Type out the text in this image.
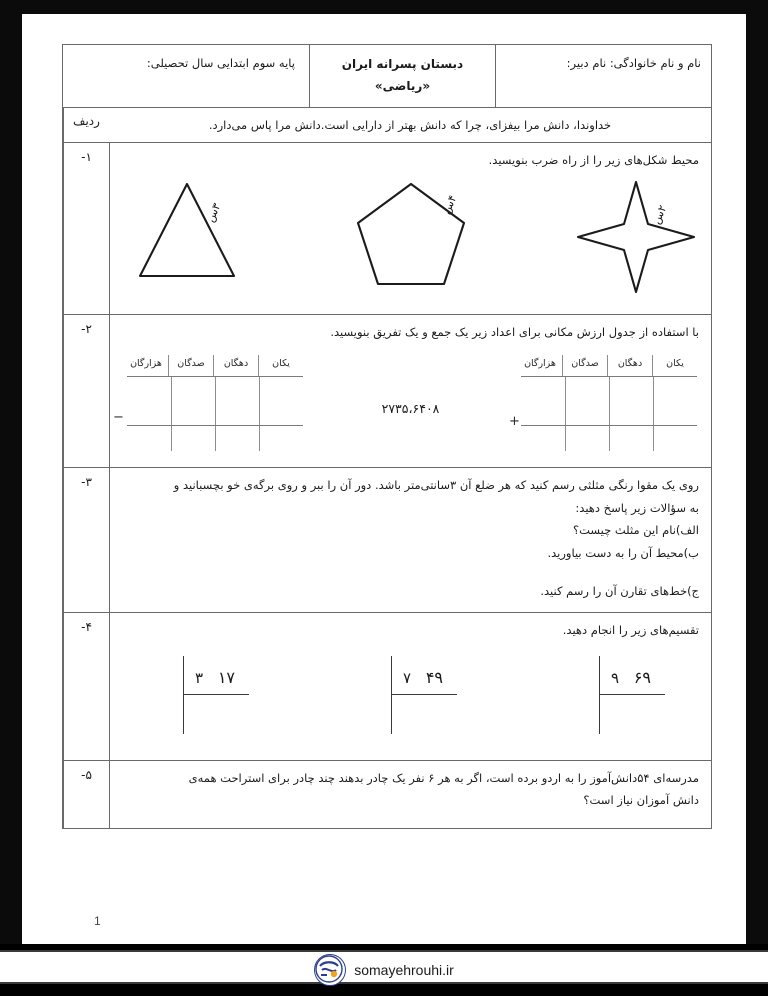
نام و نام خانوادگی: نام دبیر:
دبستان پسرانه ایران «ریاضی»
پایه سوم ابتدایی سال تحصیلی:
خداوندا، دانش مرا بیفزای، چرا که دانش بهتر از دارایی است.دانش مرا پاس می‌دارد.
ردیف
محیط شکل‌های زیر را از راه ضرب بنویسید.
۳س	۴س
۲س
۱-
با استفاده از جدول ارزش مکانی برای اعداد زیر یک جمع و یک تفریق بنویسید.
یکان
دهگان
صدگان
هزارگان
+
۲۷۳۵،۶۴۰۸
یکان
دهگان
صدگان
هزارگان
−
۲-
روی یک مقوا رنگی مثلثی رسم کنید که هر ضلع آن ۳سانتی‌متر باشد. دور آن را ببر و روی برگه‌ی خو بچسبانید و
به سؤالات زیر پاسخ دهید:
الف)نام این مثلث چیست؟
ب)محیط آن را به دست بیاورید.
ج)خط‌های تقارن آن را رسم کنید.
۳-
تقسیم‌های زیر را انجام دهید.
۶۹
۹
۴۹
۷
۱۷
۳
۴-
مدرسه‌ای ۵۴دانش‌آموز را به اردو برده است، اگر به هر ۶ نفر یک چادر بدهند چند چادر برای استراحت همه‌ی
دانش آموزان نیاز است؟
۵-
1
somayehrouhi.ir
